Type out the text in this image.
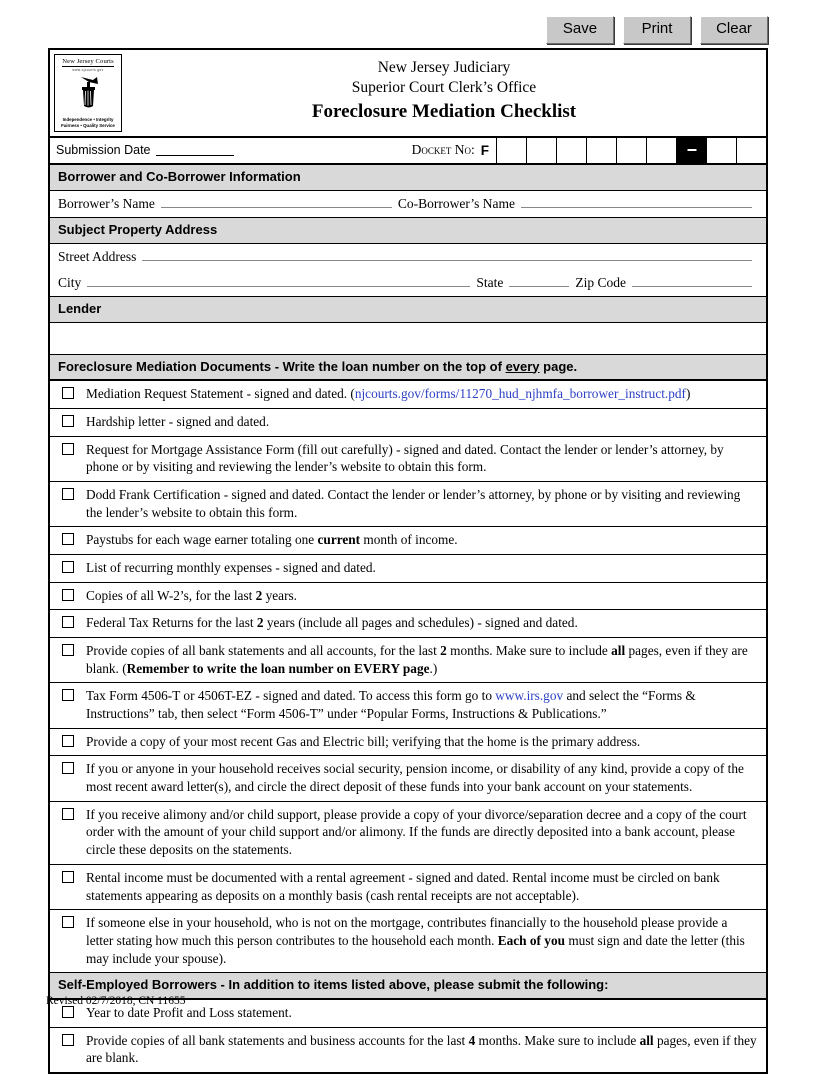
Save	Print	Clear
New Jersey Courts
www.njcourts.gov
Independence • Integrity
Fairness • Quality Service
New Jersey Judiciary
Superior Court Clerk’s Office
Foreclosure Mediation Checklist
Submission Date	Docket No: F
Borrower and Co-Borrower Information
Borrower’s Name	Co-Borrower’s Name
Subject Property Address
Street Address
City	State	Zip Code
Lender
Foreclosure Mediation Documents - Write the loan number on the top of every page.
Mediation Request Statement - signed and dated. (njcourts.gov/forms/11270_hud_njhmfa_borrower_instruct.pdf)
Hardship letter - signed and dated.
Request for Mortgage Assistance Form (fill out carefully) - signed and dated. Contact the lender or lender’s attorney, by phone or by visiting and reviewing the lender’s website to obtain this form.
Dodd Frank Certification - signed and dated. Contact the lender or lender’s attorney, by phone or by visiting and reviewing the lender’s website to obtain this form.
Paystubs for each wage earner totaling one current month of income.
List of recurring monthly expenses - signed and dated.
Copies of all W-2’s, for the last 2 years.
Federal Tax Returns for the last 2 years (include all pages and schedules) - signed and dated.
Provide copies of all bank statements and all accounts, for the last 2 months. Make sure to include all pages, even if they are blank. (Remember to write the loan number on EVERY page.)
Tax Form 4506-T or 4506T-EZ - signed and dated. To access this form go to www.irs.gov and select the “Forms & Instructions” tab, then select “Form 4506-T” under “Popular Forms, Instructions & Publications.”
Provide a copy of your most recent Gas and Electric bill; verifying that the home is the primary address.
If you or anyone in your household receives social security, pension income, or disability of any kind, provide a copy of the most recent award letter(s), and circle the direct deposit of these funds into your bank account on your statements.
If you receive alimony and/or child support, please provide a copy of your divorce/separation decree and a copy of the court order with the amount of your child support and/or alimony. If the funds are directly deposited into a bank account, please circle these deposits on the statements.
Rental income must be documented with a rental agreement - signed and dated. Rental income must be circled on bank statements appearing as deposits on a monthly basis (cash rental receipts are not acceptable).
If someone else in your household, who is not on the mortgage, contributes financially to the household please provide a letter stating how much this person contributes to the household each month. Each of you must sign and date the letter (this may include your spouse).
Self-Employed Borrowers - In addition to items listed above, please submit the following:
Year to date Profit and Loss statement.
Provide copies of all bank statements and business accounts for the last 4 months. Make sure to include all pages, even if they are blank.
Revised 02/7/2018, CN 11655
